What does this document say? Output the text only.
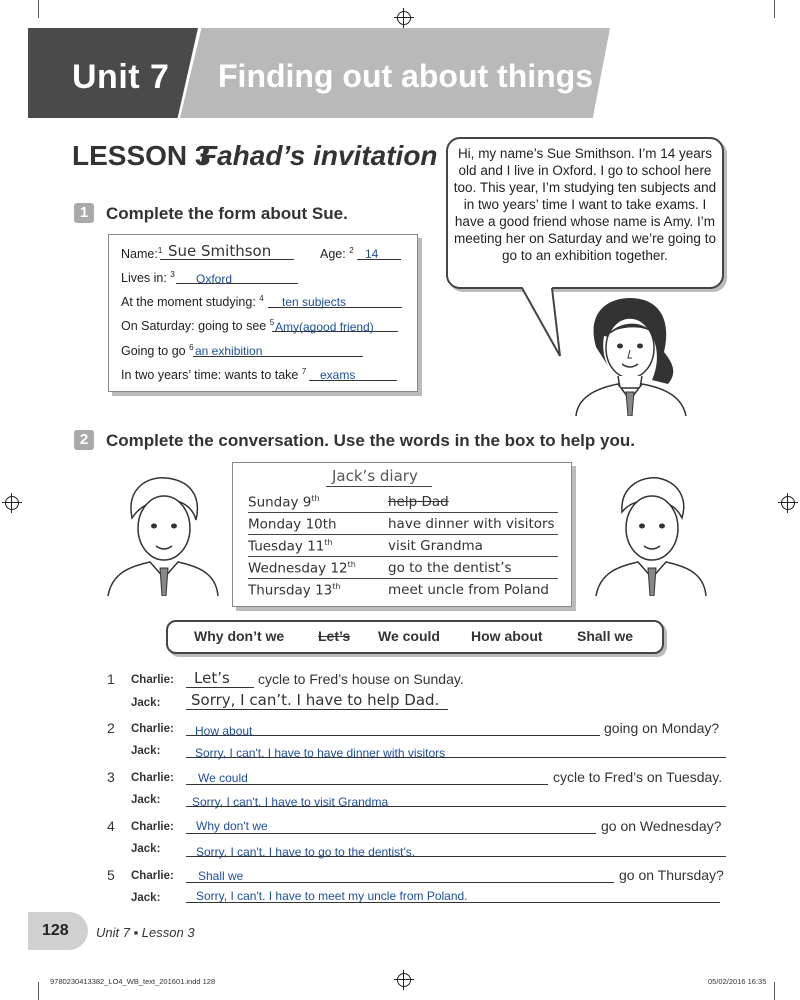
Unit 7 Finding out about things
LESSON 3
Fahad’s invitation
1	Complete the form about Sue.
Name:$^1$ Sue Smithson	Age: $^2$ 14
Lives in: $^3$ Oxford
At the moment studying: $^4$ ten subjects
On Saturday: going to see $^5$ Amy(agood friend)
Going to go $^6$ an exhibition
In two years’ time: wants to take $^7$ exams
Hi, my name’s Sue Smithson. I’m 14 years old and I live in Oxford. I go to school here too. This year, I’m studying ten subjects and in two years’ time I want to take exams. I have a good friend whose name is Amy. I’m meeting her on Saturday and we’re going to go to an exhibition together.
2	Complete the conversation. Use the words in the box to help you.
Jack’s diary
Sunday 9th	help Dad
Monday 10th	have dinner with visitors
Tuesday 11th	visit Grandma
Wednesday 12th go to the dentist’s
Thursday 13th	meet uncle from Poland
Why don’t we Let’s We could How about Shall we
1 Charlie: Let’s cycle to Fred’s house on Sunday.
Jack: Sorry, I can’t. I have to help Dad.
2 Charlie: How about	going on Monday?
Jack:	Sorry, I can't. I have to have dinner with visitors
3 Charlie: We could	cycle to Fred’s on Tuesday.
Jack:	Sorry, I can't. I have to visit Grandma
4 Charlie: Why don't we	go on Wednesday?
Jack:	Sorry, I can't. I have to go to the dentist's.
5 Charlie: Shall we	go on Thursday?
Jack:	Sorry, I can't. I have to meet my uncle from Poland.
128 Unit 7 ▪ Lesson 3
9780230413382_LO4_WB_text_201601.indd 128	05/02/2016 16:35
